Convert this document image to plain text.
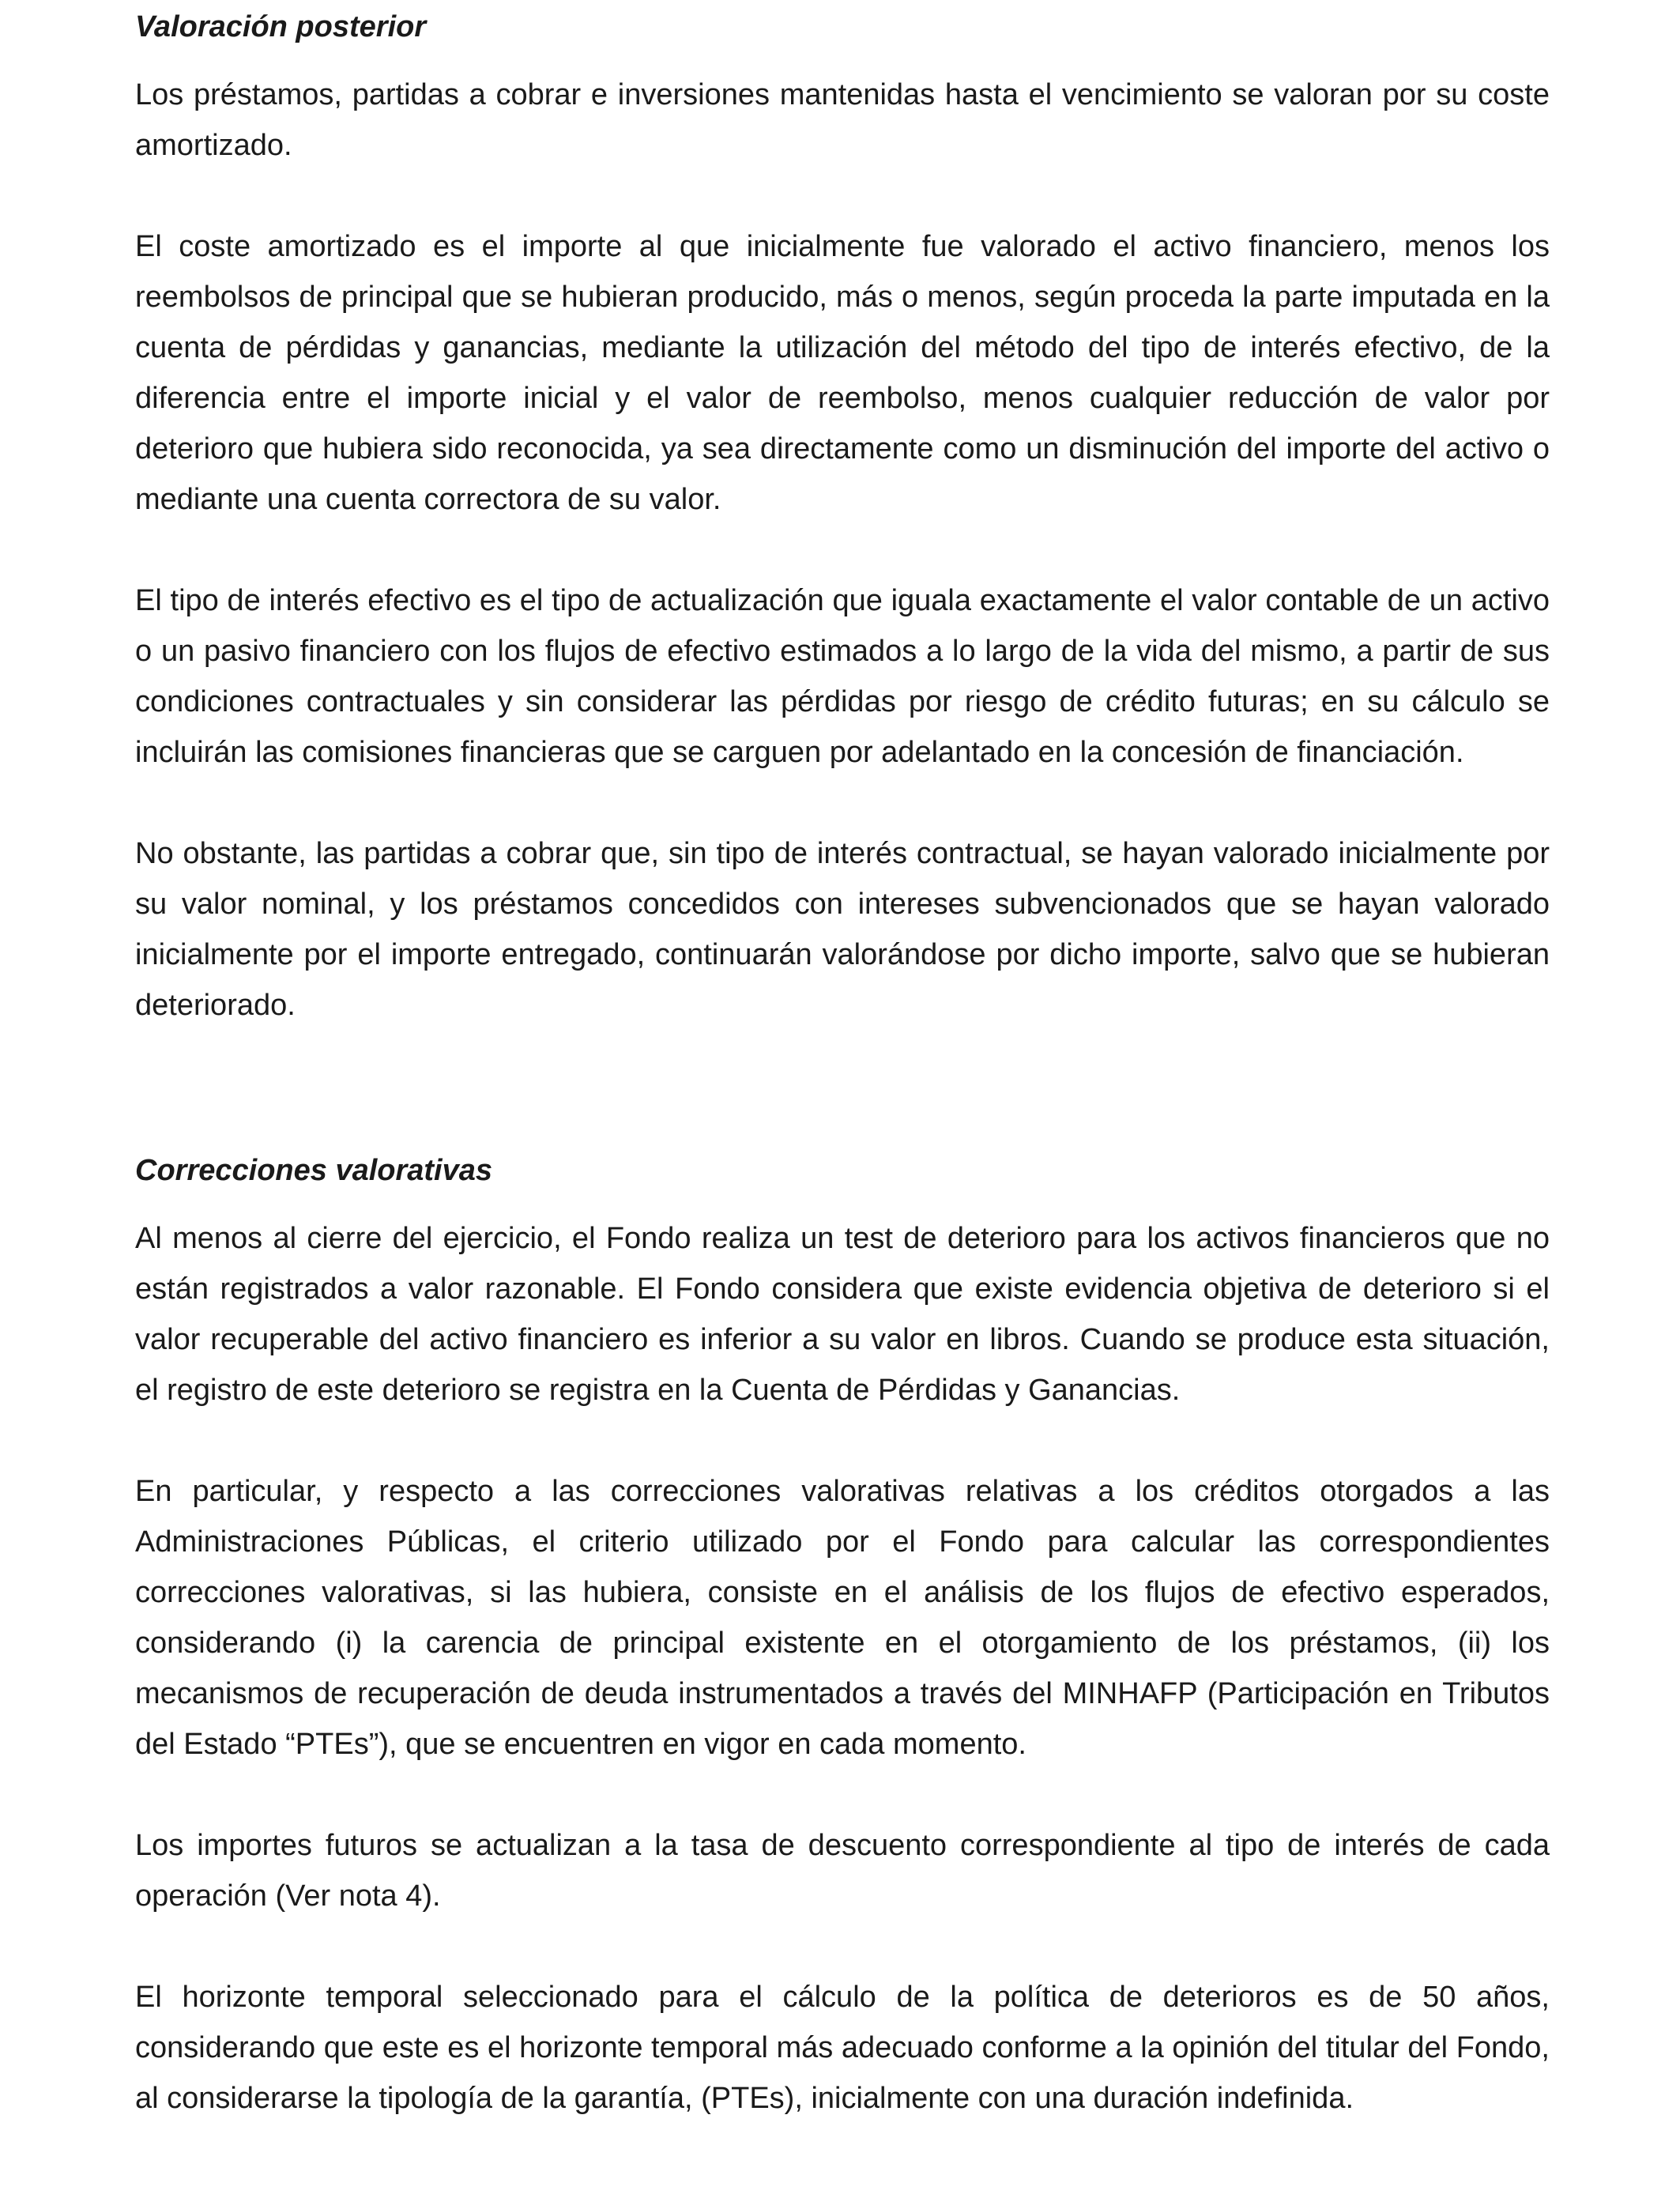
Valoración posterior

Los préstamos, partidas a cobrar e inversiones mantenidas hasta el vencimiento se valoran por su coste amortizado.

El coste amortizado es el importe al que inicialmente fue valorado el activo financiero, menos los reembolsos de principal que se hubieran producido, más o menos, según proceda la parte imputada en la cuenta de pérdidas y ganancias, mediante la utilización del método del tipo de interés efectivo, de la diferencia entre el importe inicial y el valor de reembolso, menos cualquier reducción de valor por deterioro que hubiera sido reconocida, ya sea directamente como un disminución del importe del activo o mediante una cuenta correctora de su valor.

El tipo de interés efectivo es el tipo de actualización que iguala exactamente el valor contable de un activo o un pasivo financiero con los flujos de efectivo estimados a lo largo de la vida del mismo, a partir de sus condiciones contractuales y sin considerar las pérdidas por riesgo de crédito futuras; en su cálculo se incluirán las comisiones financieras que se carguen por adelantado en la concesión de financiación.

No obstante, las partidas a cobrar que, sin tipo de interés contractual, se hayan valorado inicialmente por su valor nominal, y los préstamos concedidos con intereses subvencionados que se hayan valorado inicialmente por el importe entregado, continuarán valorándose por dicho importe, salvo que se hubieran deteriorado.

Correcciones valorativas

Al menos al cierre del ejercicio, el Fondo realiza un test de deterioro para los activos financieros que no están registrados a valor razonable. El Fondo considera que existe evidencia objetiva de deterioro si el valor recuperable del activo financiero es inferior a su valor en libros. Cuando se produce esta situación, el registro de este deterioro se registra en la Cuenta de Pérdidas y Ganancias.

En particular, y respecto a las correcciones valorativas relativas a los créditos otorgados a las Administraciones Públicas, el criterio utilizado por el Fondo para calcular las correspondientes correcciones valorativas, si las hubiera, consiste en el análisis de los flujos de efectivo esperados, considerando (i) la carencia de principal existente en el otorgamiento de los préstamos, (ii) los mecanismos de recuperación de deuda instrumentados a través del MINHAFP (Participación en Tributos del Estado “PTEs”), que se encuentren en vigor en cada momento.

Los importes futuros se actualizan a la tasa de descuento correspondiente al tipo de interés de cada operación (Ver nota 4).

El horizonte temporal seleccionado para el cálculo de la política de deterioros es de 50 años, considerando que este es el horizonte temporal más adecuado conforme a la opinión del titular del Fondo, al considerarse la tipología de la garantía, (PTEs), inicialmente con una duración indefinida.
